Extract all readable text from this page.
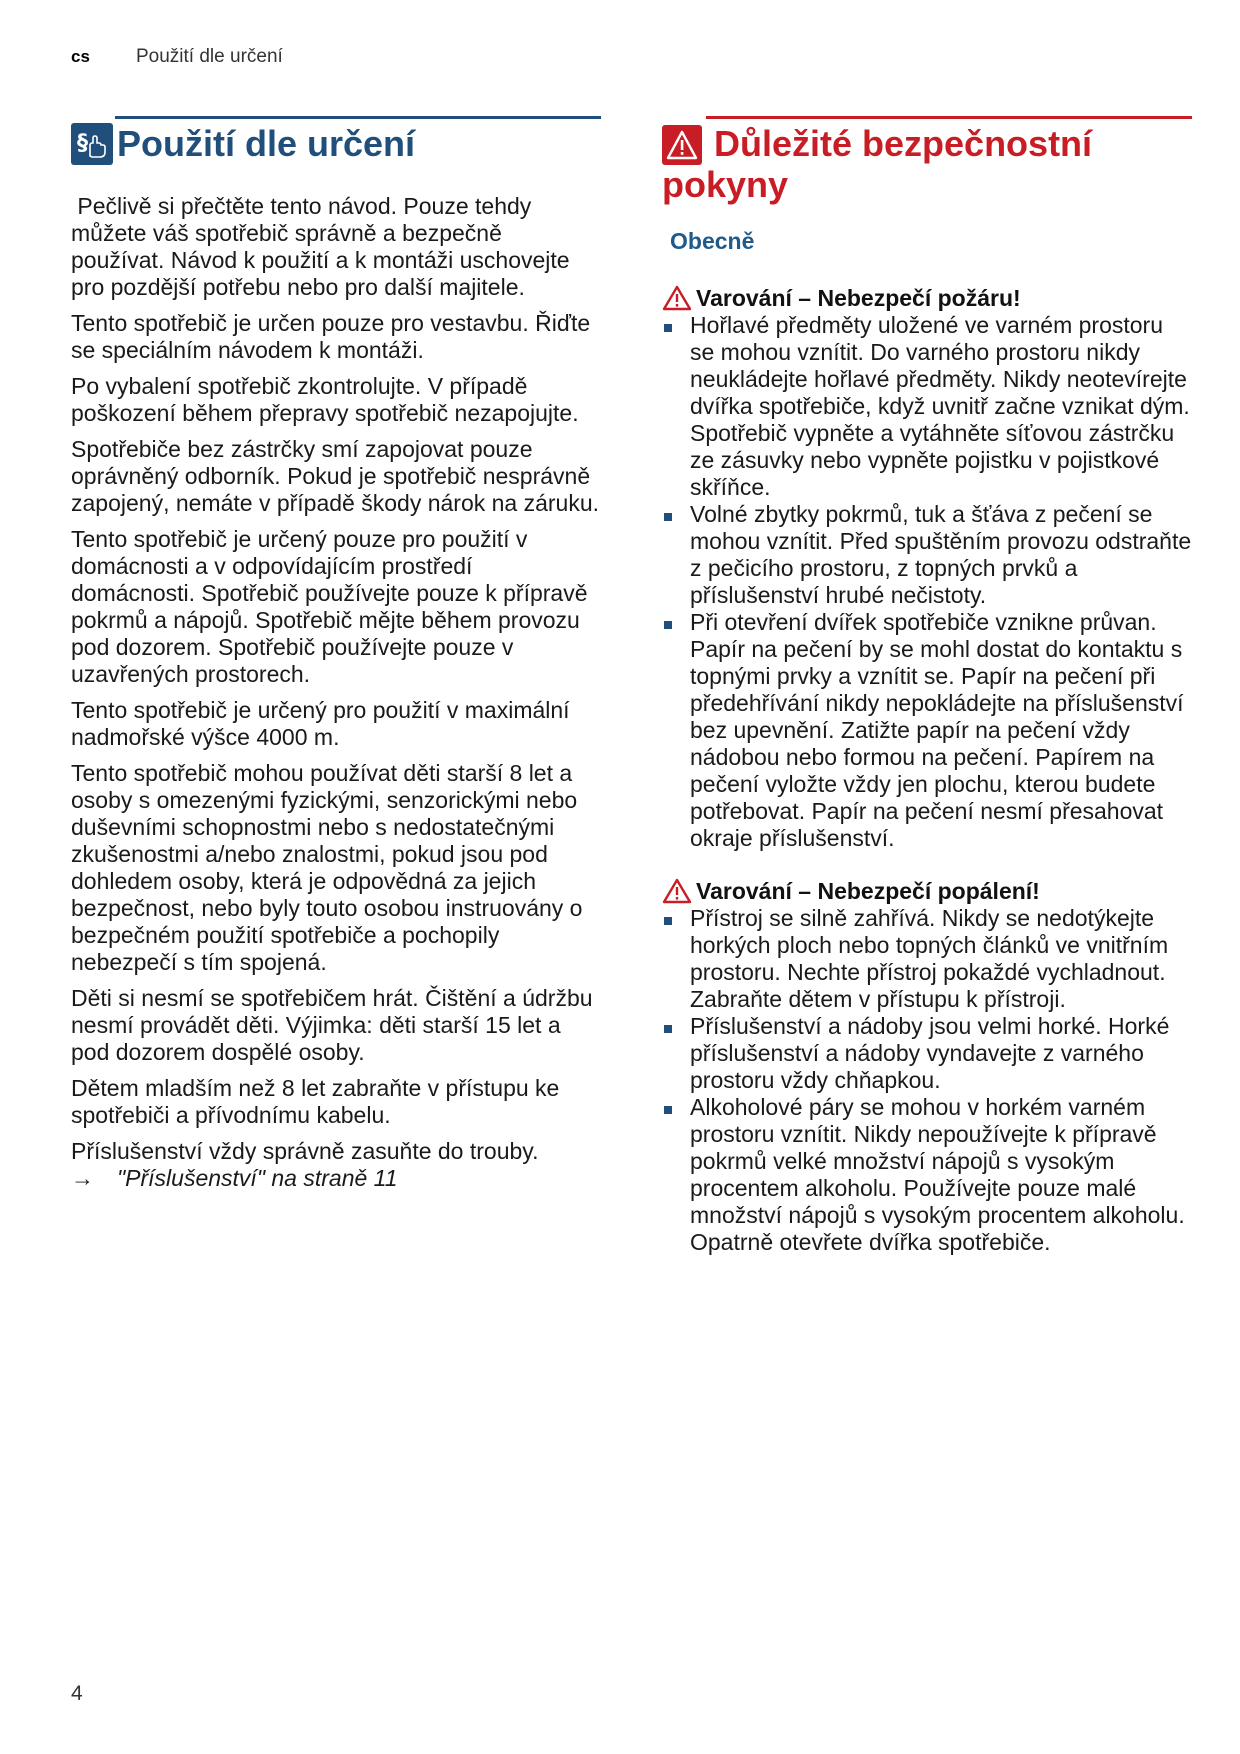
cs Použití dle určení
§ Použití dle určení

Pečlivě si přečtěte tento návod. Pouze tehdy můžete váš spotřebič správně a bezpečně používat. Návod k použití a k montáži uschovejte pro pozdější potřebu nebo pro další majitele.

Tento spotřebič je určen pouze pro vestavbu. Řiďte se speciálním návodem k montáži.

Po vybalení spotřebič zkontrolujte. V případě poškození během přepravy spotřebič nezapojujte.

Spotřebiče bez zástrčky smí zapojovat pouze oprávněný odborník. Pokud je spotřebič nesprávně zapojený, nemáte v případě škody nárok na záruku.

Tento spotřebič je určený pouze pro použití v domácnosti a v odpovídajícím prostředí domácnosti. Spotřebič používejte pouze k přípravě pokrmů a nápojů. Spotřebič mějte během provozu pod dozorem. Spotřebič používejte pouze v uzavřených prostorech.

Tento spotřebič je určený pro použití v maximální nadmořské výšce 4000 m.

Tento spotřebič mohou používat děti starší 8 let a osoby s omezenými fyzickými, senzorickými nebo duševními schopnostmi nebo s nedostatečnými zkušenostmi a/nebo znalostmi, pokud jsou pod dohledem osoby, která je odpovědná za jejich bezpečnost, nebo byly touto osobou instruovány o bezpečném použití spotřebiče a pochopily nebezpečí s tím spojená.

Děti si nesmí se spotřebičem hrát. Čištění a údržbu nesmí provádět děti. Výjimka: děti starší 15 let a pod dozorem dospělé osoby.

Dětem mladším než 8 let zabraňte v přístupu ke spotřebiči a přívodnímu kabelu.

Příslušenství vždy správně zasuňte do trouby.

→ "Příslušenství" na straně 11
Důležité bezpečnostní
pokyny
Obecně
Varování – Nebezpečí požáru!
Hořlavé předměty uložené ve varném prostoru se mohou vznítit. Do varného prostoru nikdy neukládejte hořlavé předměty. Nikdy neotevírejte dvířka spotřebiče, když uvnitř začne vznikat dým. Spotřebič vypněte a vytáhněte síťovou zástrčku ze zásuvky nebo vypněte pojistku v pojistkové skříňce.
Volné zbytky pokrmů, tuk a šťáva z pečení se mohou vznítit. Před spuštěním provozu odstraňte z pečicího prostoru, z topných prvků a příslušenství hrubé nečistoty.
Při otevření dvířek spotřebiče vznikne průvan. Papír na pečení by se mohl dostat do kontaktu s topnými prvky a vznítit se. Papír na pečení při předehřívání nikdy nepokládejte na příslušenství bez upevnění. Zatižte papír na pečení vždy nádobou nebo formou na pečení. Papírem na pečení vyložte vždy jen plochu, kterou budete potřebovat. Papír na pečení nesmí přesahovat okraje příslušenství.
Varování – Nebezpečí popálení!
Přístroj se silně zahřívá. Nikdy se nedotýkejte horkých ploch nebo topných článků ve vnitřním prostoru. Nechte přístroj pokaždé vychladnout. Zabraňte dětem v přístupu k přístroji.
Příslušenství a nádoby jsou velmi horké. Horké příslušenství a nádoby vyndavejte z varného prostoru vždy chňapkou.
Alkoholové páry se mohou v horkém varném prostoru vznítit. Nikdy nepoužívejte k přípravě pokrmů velké množství nápojů s vysokým procentem alkoholu. Používejte pouze malé množství nápojů s vysokým procentem alkoholu. Opatrně otevřete dvířka spotřebiče.
4
